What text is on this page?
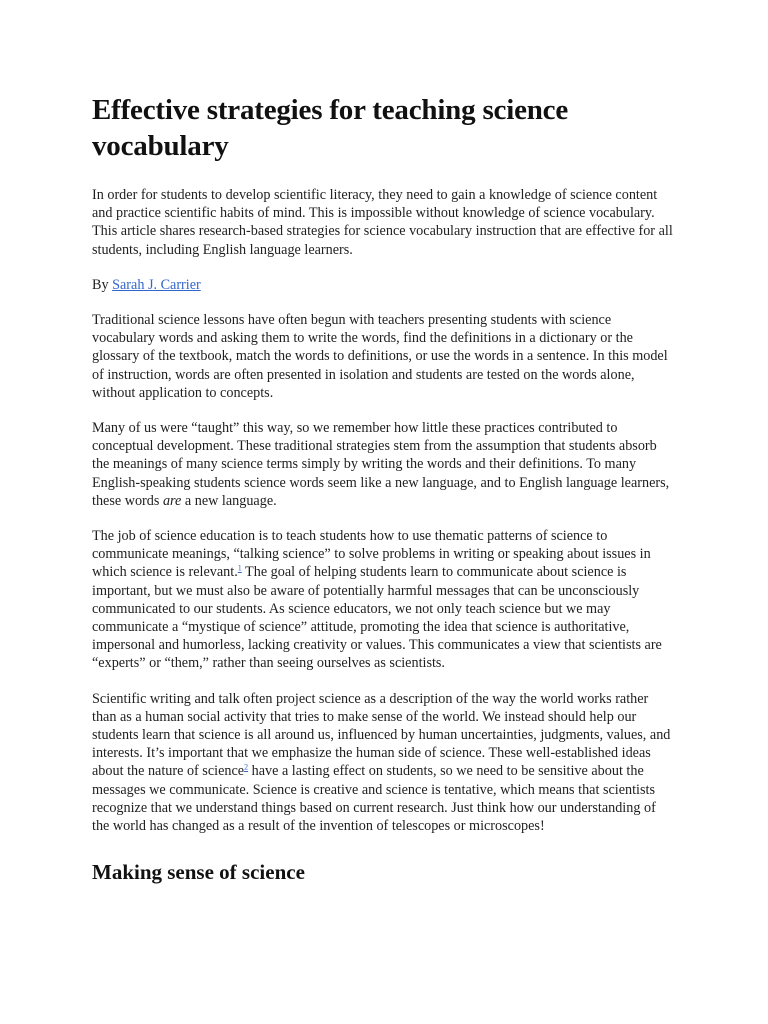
Effective strategies for teaching science vocabulary

In order for students to develop scientific literacy, they need to gain a knowledge of science content and practice scientific habits of mind. This is impossible without knowledge of science vocabulary. This article shares research-based strategies for science vocabulary instruction that are effective for all students, including English language learners.

By Sarah J. Carrier

Traditional science lessons have often begun with teachers presenting students with science vocabulary words and asking them to write the words, find the definitions in a dictionary or the glossary of the textbook, match the words to definitions, or use the words in a sentence. In this model of instruction, words are often presented in isolation and students are tested on the words alone, without application to concepts.

Many of us were “taught” this way, so we remember how little these practices contributed to conceptual development. These traditional strategies stem from the assumption that students absorb the meanings of many science terms simply by writing the words and their definitions. To many English-speaking students science words seem like a new language, and to English language learners, these words are a new language.

The job of science education is to teach students how to use thematic patterns of science to communicate meanings, “talking science” to solve problems in writing or speaking about issues in which science is relevant.$^1$ The goal of helping students learn to communicate about science is important, but we must also be aware of potentially harmful messages that can be unconsciously communicated to our students. As science educators, we not only teach science but we may communicate a “mystique of science” attitude, promoting the idea that science is authoritative, impersonal and humorless, lacking creativity or values. This communicates a view that scientists are “experts” or “them,” rather than seeing ourselves as scientists.

Scientific writing and talk often project science as a description of the way the world works rather than as a human social activity that tries to make sense of the world. We instead should help our students learn that science is all around us, influenced by human uncertainties, judgments, values, and interests. It’s important that we emphasize the human side of science. These well-established ideas about the nature of science$^2$ have a lasting effect on students, so we need to be sensitive about the messages we communicate. Science is creative and science is tentative, which means that scientists recognize that we understand things based on current research. Just think how our understanding of the world has changed as a result of the invention of telescopes or microscopes!

Making sense of science
